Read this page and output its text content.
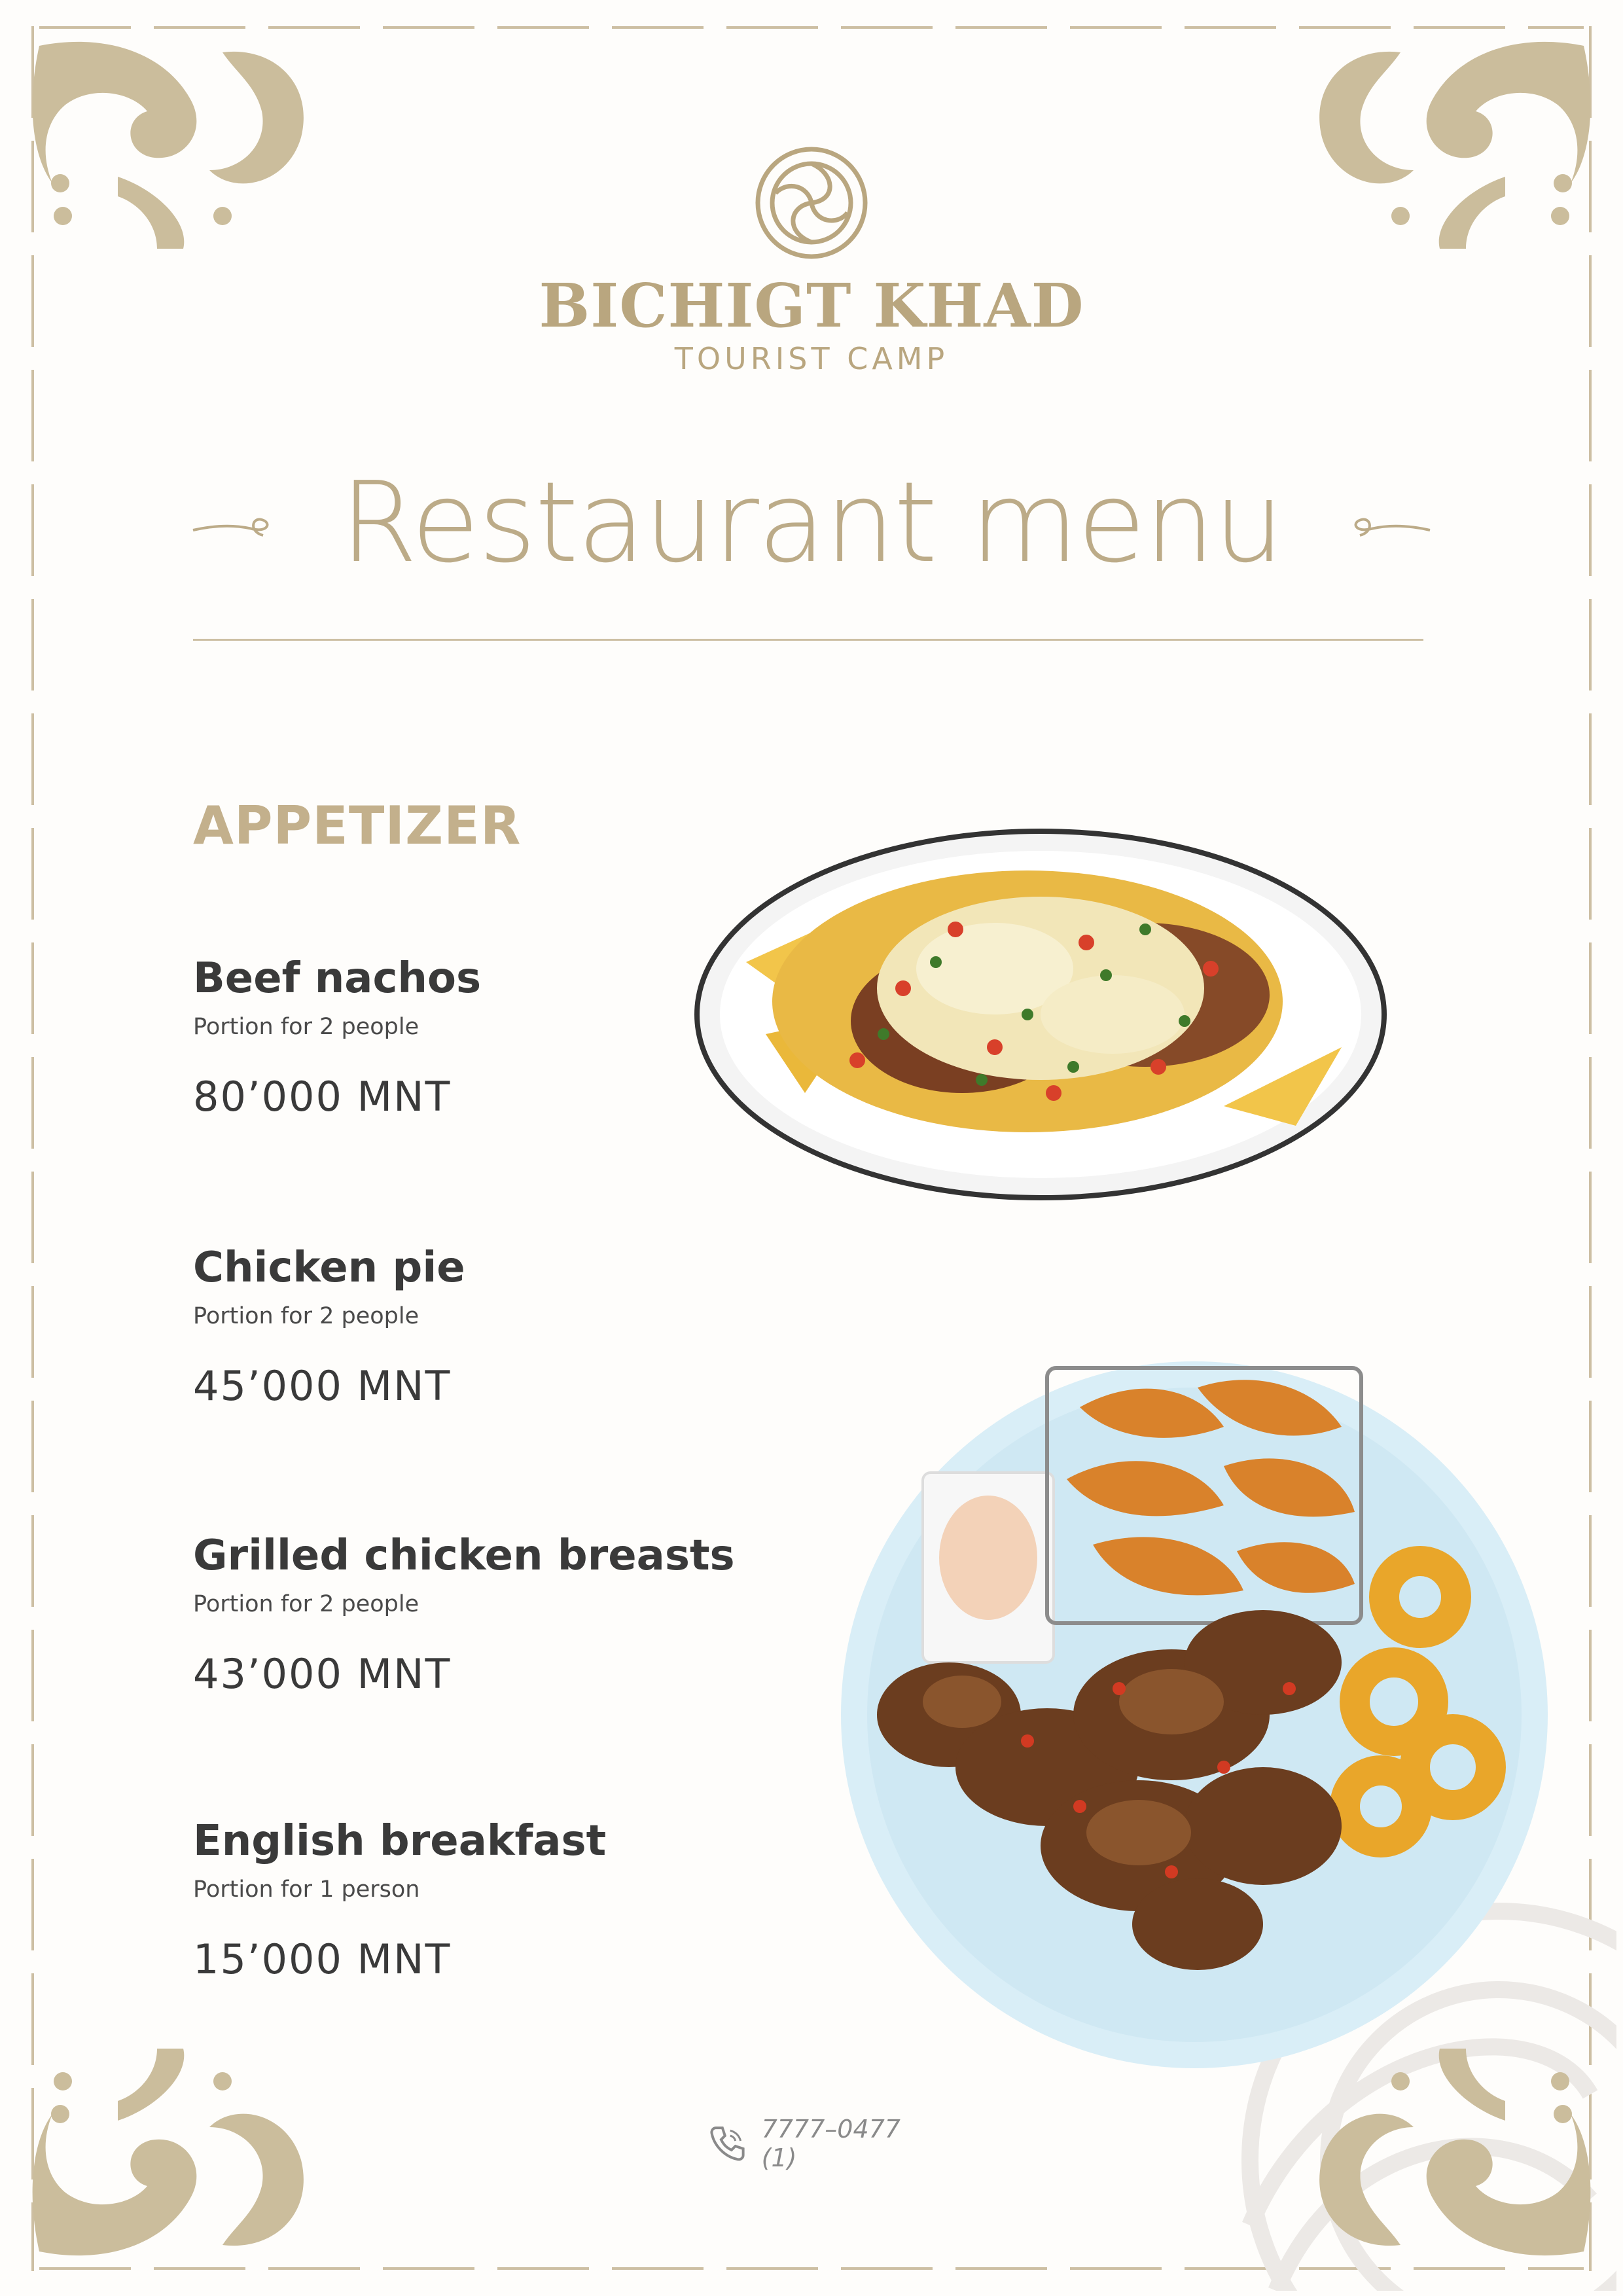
BICHIGT KHAD
TOURIST CAMP
Restaurant menu
APPETIZER
Beef nachos
Portion for 2 people
80’000 MNT
Chicken pie
Portion for 2 people
45’000 MNT
Grilled chicken breasts
Portion for 2 people
43’000 MNT
English breakfast
Portion for 1 person
15’000 MNT
7777–0477 (1)
